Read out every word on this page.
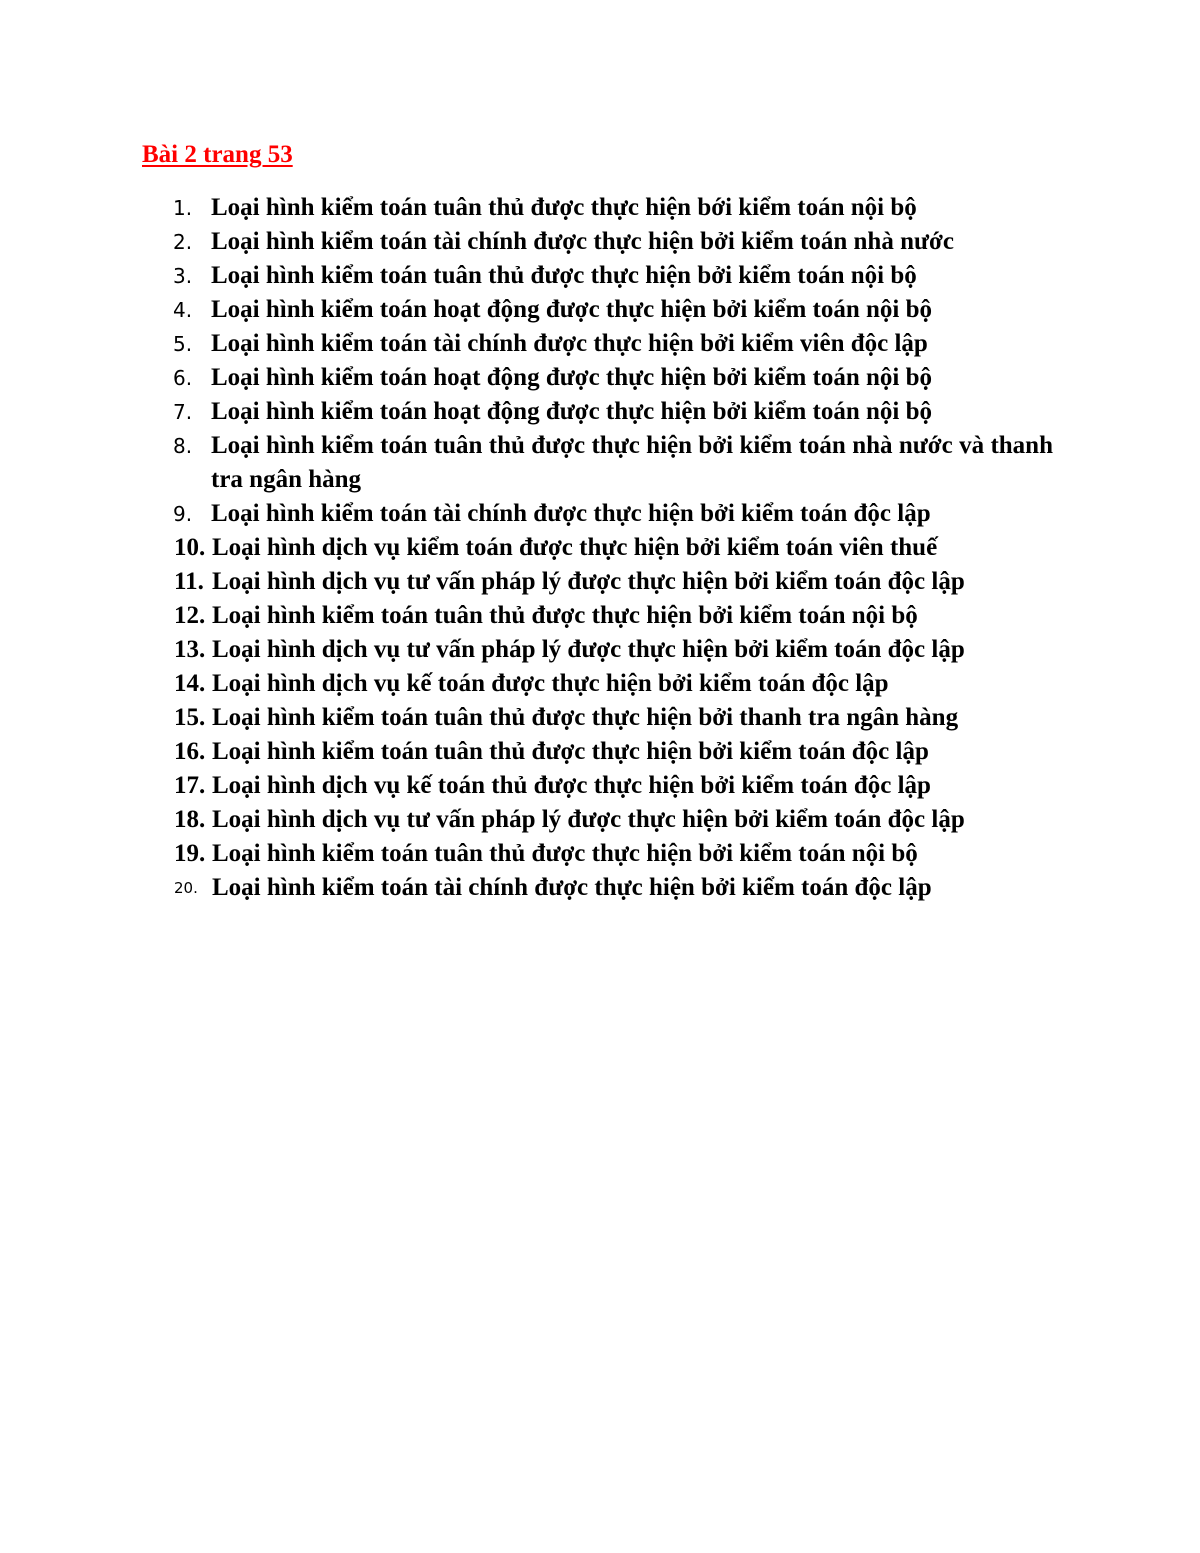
Bài 2 trang 53
1. Loại hình kiểm toán tuân thủ được thực hiện bới kiểm toán nội bộ
2. Loại hình kiểm toán tài chính được thực hiện bởi kiểm toán nhà nước
3. Loại hình kiểm toán tuân thủ được thực hiện bởi kiểm toán nội bộ
4. Loại hình kiểm toán hoạt động được thực hiện bởi kiểm toán nội bộ
5. Loại hình kiểm toán tài chính được thực hiện bởi kiểm viên độc lập
6. Loại hình kiểm toán hoạt động được thực hiện bởi kiểm toán nội bộ
7. Loại hình kiểm toán hoạt động được thực hiện bởi kiểm toán nội bộ
8. Loại hình kiểm toán tuân thủ được thực hiện bởi kiểm toán nhà nước và thanh tra ngân hàng
9. Loại hình kiểm toán tài chính được thực hiện bởi kiểm toán độc lập
10. Loại hình dịch vụ kiểm toán được thực hiện bởi kiểm toán viên thuế
11. Loại hình dịch vụ tư vấn pháp lý được thực hiện bởi kiểm toán độc lập
12. Loại hình kiểm toán tuân thủ được thực hiện bởi kiểm toán nội bộ
13. Loại hình dịch vụ tư vấn pháp lý được thực hiện bởi kiểm toán độc lập
14. Loại hình dịch vụ kế toán được thực hiện bởi kiểm toán độc lập
15. Loại hình kiểm toán tuân thủ được thực hiện bởi thanh tra ngân hàng
16. Loại hình kiểm toán tuân thủ được thực hiện bởi kiểm toán độc lập
17. Loại hình dịch vụ kế toán thủ được thực hiện bởi kiểm toán độc lập
18. Loại hình dịch vụ tư vấn pháp lý được thực hiện bởi kiểm toán độc lập
19. Loại hình kiểm toán tuân thủ được thực hiện bởi kiểm toán nội bộ
20. Loại hình kiểm toán tài chính được thực hiện bởi kiểm toán độc lập
